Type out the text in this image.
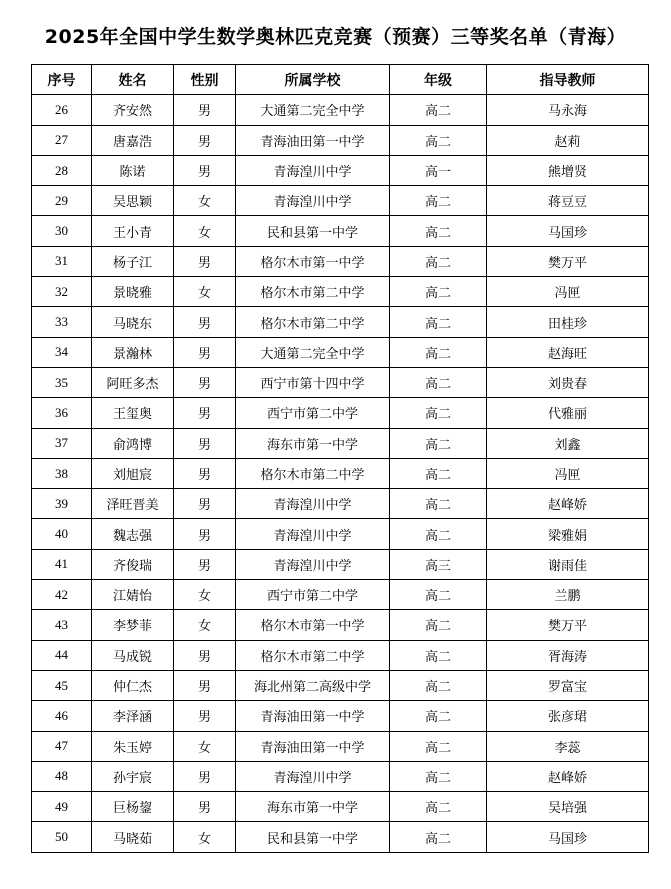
2025年全国中学生数学奥林匹克竞赛（预赛）三等奖名单（青海）
序号	姓名	性别	所属学校	年级	指导教师
26	齐安然	男	大通第二完全中学	高二	马永海
27	唐嘉浩	男	青海油田第一中学	高二	赵莉
28	陈诺	男	青海湟川中学	高一	熊增贤
29	吴思颖	女	青海湟川中学	高二	蒋豆豆
30	王小青	女	民和县第一中学	高二	马国珍
31	杨子江	男	格尔木市第一中学	高二	樊万平
32	景晓雅	女	格尔木市第二中学	高二	冯匣
33	马晓东	男	格尔木市第二中学	高二	田桂珍
34	景瀚林	男	大通第二完全中学	高二	赵海旺
35	阿旺多杰	男	西宁市第十四中学	高二	刘贵春
36	王玺奥	男	西宁市第二中学	高二	代雅丽
37	俞鸿博	男	海东市第一中学	高二	刘鑫
38	刘旭宸	男	格尔木市第二中学	高二	冯匣
39	泽旺晋美	男	青海湟川中学	高二	赵峰娇
40	魏志强	男	青海湟川中学	高二	梁雅娟
41	齐俊瑞	男	青海湟川中学	高三	谢雨佳
42	江婧怡	女	西宁市第二中学	高二	兰鹏
43	李梦菲	女	格尔木市第一中学	高二	樊万平
44	马成锐	男	格尔木市第二中学	高二	胥海涛
45	仲仁杰	男	海北州第二高级中学	高二	罗富宝
46	李泽涵	男	青海油田第一中学	高二	张彦珺
47	朱玉婷	女	青海油田第一中学	高二	李蕊
48	孙宇宸	男	青海湟川中学	高二	赵峰娇
49	巨杨鋆	男	海东市第一中学	高二	吴培强
50	马晓茹	女	民和县第一中学	高二	马国珍
